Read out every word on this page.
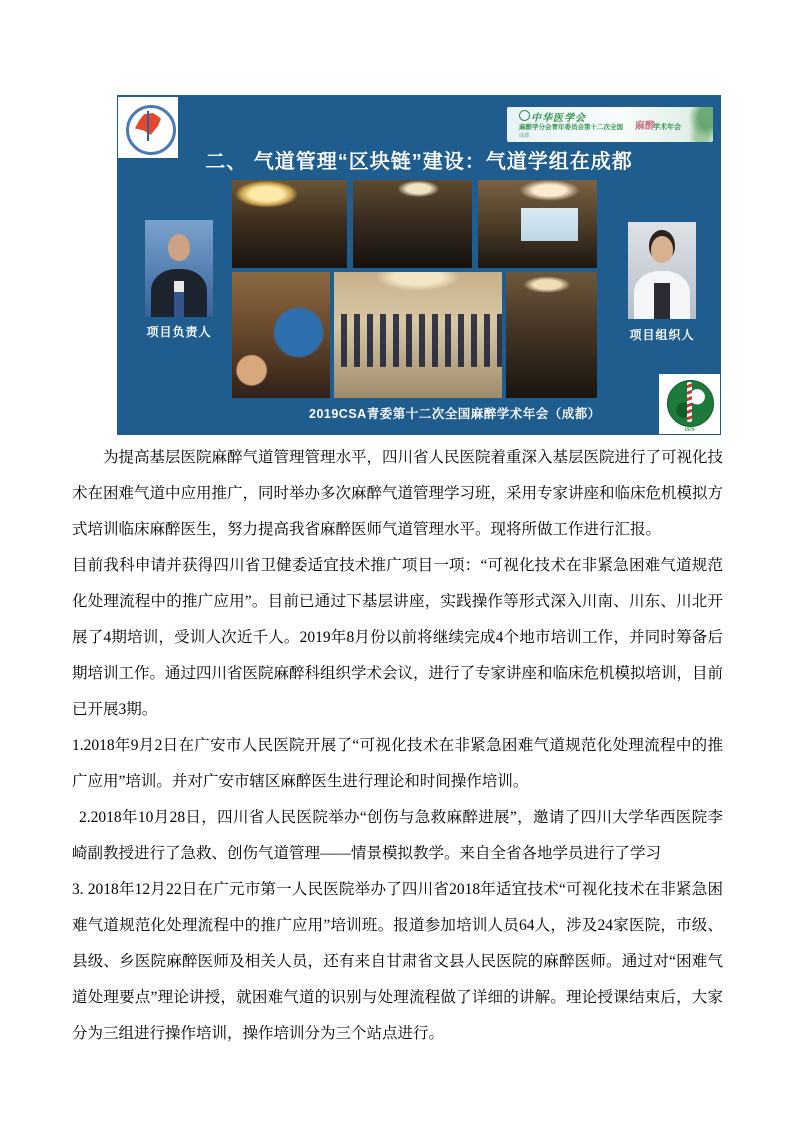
中华医学会
麻醉学分会青年委员会第十二次全国 麻醉
学术年会
成都
二、 气道管理“区块链”建设：气道学组在成都
项目负责人	项目组织人
2019CSA青委第十二次全国麻醉学术年会（成都）
1979

为提高基层医院麻醉气道管理管理水平，四川省人民医院着重深入基层医院进行了可视化技术在困难气道中应用推广，同时举办多次麻醉气道管理学习班，采用专家讲座和临床危机模拟方式培训临床麻醉医生，努力提高我省麻醉医师气道管理水平。现将所做工作进行汇报。

目前我科申请并获得四川省卫健委适宜技术推广项目一项：“可视化技术在非紧急困难气道规范化处理流程中的推广应用”。目前已通过下基层讲座，实践操作等形式深入川南、川东、川北开展了4期培训，受训人次近千人。2019年8月份以前将继续完成4个地市培训工作，并同时筹备后期培训工作。通过四川省医院麻醉科组织学术会议，进行了专家讲座和临床危机模拟培训，目前已开展3期。

1.2018年9月2日在广安市人民医院开展了“可视化技术在非紧急困难气道规范化处理流程中的推广应用”培训。并对广安市辖区麻醉医生进行理论和时间操作培训。

2.2018年10月28日，四川省人民医院举办“创伤与急救麻醉进展”，邀请了四川大学华西医院李崎副教授进行了急救、创伤气道管理——情景模拟教学。来自全省各地学员进行了学习

3. 2018年12月22日在广元市第一人民医院举办了四川省2018年适宜技术“可视化技术在非紧急困难气道规范化处理流程中的推广应用”培训班。报道参加培训人员64人，涉及24家医院，市级、县级、乡医院麻醉医师及相关人员，还有来自甘肃省文县人民医院的麻醉医师。通过对“困难气道处理要点”理论讲授，就困难气道的识别与处理流程做了详细的讲解。理论授课结束后，大家分为三组进行操作培训，操作培训分为三个站点进行。
